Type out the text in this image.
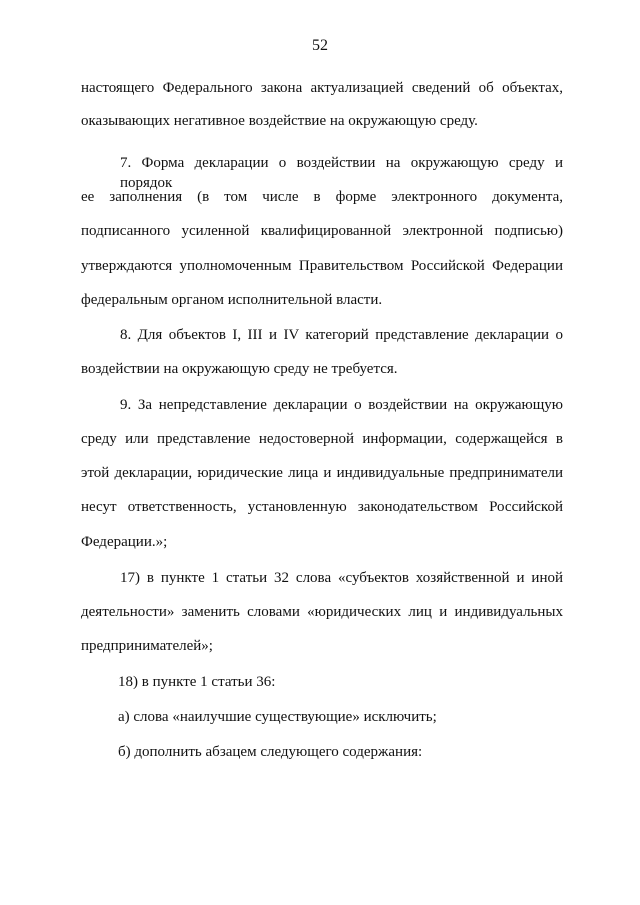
52
настоящего Федерального закона актуализацией сведений об объектах,
оказывающих негативное воздействие на окружающую среду.
7. Форма декларации о воздействии на окружающую среду и порядок
ее заполнения (в том числе в форме электронного документа,
подписанного усиленной квалифицированной электронной подписью)
утверждаются уполномоченным Правительством Российской Федерации
федеральным органом исполнительной власти.
8. Для объектов I, III и IV категорий представление декларации о
воздействии на окружающую среду не требуется.
9. За непредставление декларации о воздействии на окружающую
среду или представление недостоверной информации, содержащейся в
этой декларации, юридические лица и индивидуальные предприниматели
несут ответственность, установленную законодательством Российской
Федерации.»;
17) в пункте 1 статьи 32 слова «субъектов хозяйственной и иной
деятельности» заменить словами «юридических лиц и индивидуальных
предпринимателей»;
18) в пункте 1 статьи 36:
а) слова «наилучшие существующие» исключить;
б) дополнить абзацем следующего содержания:
